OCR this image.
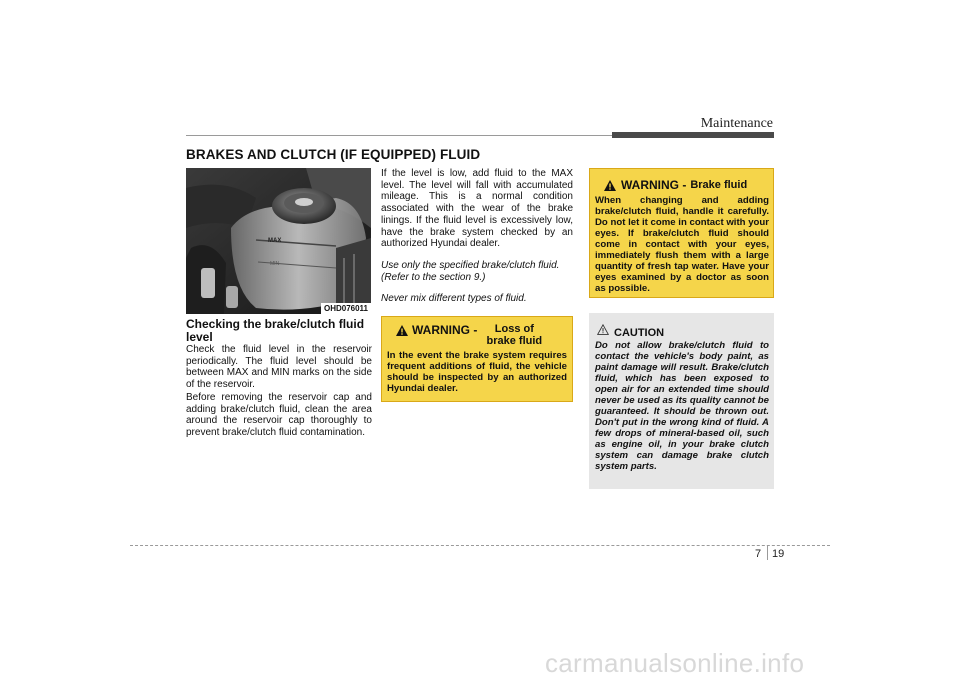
Maintenance
BRAKES AND CLUTCH (IF EQUIPPED) FLUID
MAX
MIN
OHD076011
Checking the brake/clutch fluid level

Check the fluid level in the reservoir periodically. The fluid level should be between MAX and MIN marks on the side of the reservoir.

Before removing the reservoir cap and adding brake/clutch fluid, clean the area around the reservoir cap thoroughly to prevent brake/clutch fluid contamination.

If the level is low, add fluid to the MAX level. The level will fall with accumulated mileage. This is a normal condition associated with the wear of the brake linings. If the fluid level is excessively low, have the brake system checked by an authorized Hyundai dealer.

Use only the specified brake/clutch fluid. (Refer to the section 9.)

Never mix different types of fluid.

WARNING -	Loss of brake fluid
In the event the brake system requires frequent additions of fluid, the vehicle should be inspected by an authorized Hyundai dealer.
WARNING - Brake fluid
When changing and adding brake/clutch fluid, handle it carefully. Do not let it come in contact with your eyes. If brake/clutch fluid should come in contact with your eyes, immediately flush them with a large quantity of fresh tap water. Have your eyes examined by a doctor as soon as possible.
CAUTION
Do not allow brake/clutch fluid to contact the vehicle's body paint, as paint damage will result. Brake/clutch fluid, which has been exposed to open air for an extended time should never be used as its quality cannot be guaranteed. It should be thrown out. Don't put in the wrong kind of fluid. A few drops of mineral-based oil, such as engine oil, in your brake clutch system can damage brake clutch system parts.
7 19
carmanualsonline.info
